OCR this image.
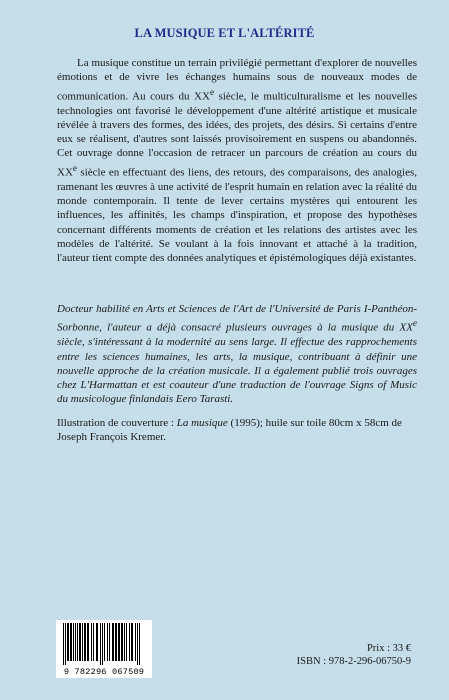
LA MUSIQUE ET L'ALTÉRITÉ

La musique constitue un terrain privilégié permettant d'explorer de nouvelles émotions et de vivre les échanges humains sous de nouveaux modes de communication. Au cours du XXe siècle, le multiculturalisme et les nouvelles technologies ont favorisé le développement d'une altérité artistique et musicale révélée à travers des formes, des idées, des projets, des désirs. Si certains d'entre eux se réalisent, d'autres sont laissés provisoirement en suspens ou abandonnés. Cet ouvrage donne l'occasion de retracer un parcours de création au cours du XXe siècle en effectuant des liens, des retours, des comparaisons, des analogies, ramenant les œuvres à une activité de l'esprit humain en relation avec la réalité du monde contemporain. Il tente de lever certains mystères qui entourent les influences, les affinités, les champs d'inspiration, et propose des hypothèses concernant différents moments de création et les relations des artistes avec les modèles de l'altérité. Se voulant à la fois innovant et attaché à la tradition, l'auteur tient compte des données analytiques et épistémologiques déjà existantes.

Docteur habilité en Arts et Sciences de l'Art de l'Université de Paris I-Panthéon-Sorbonne, l'auteur a déjà consacré plusieurs ouvrages à la musique du XXe siècle, s'intéressant à la modernité au sens large. Il effectue des rapprochements entre les sciences humaines, les arts, la musique, contribuant à définir une nouvelle approche de la création musicale. Il a également publié trois ouvrages chez L'Harmattan et est coauteur d'une traduction de l'ouvrage Signs of Music du musicologue finlandais Eero Tarasti.

Illustration de couverture : La musique (1995); huile sur toile 80cm x 58cm de Joseph François Kremer.

9 782296 067509
Prix : 33 €
ISBN : 978-2-296-06750-9
